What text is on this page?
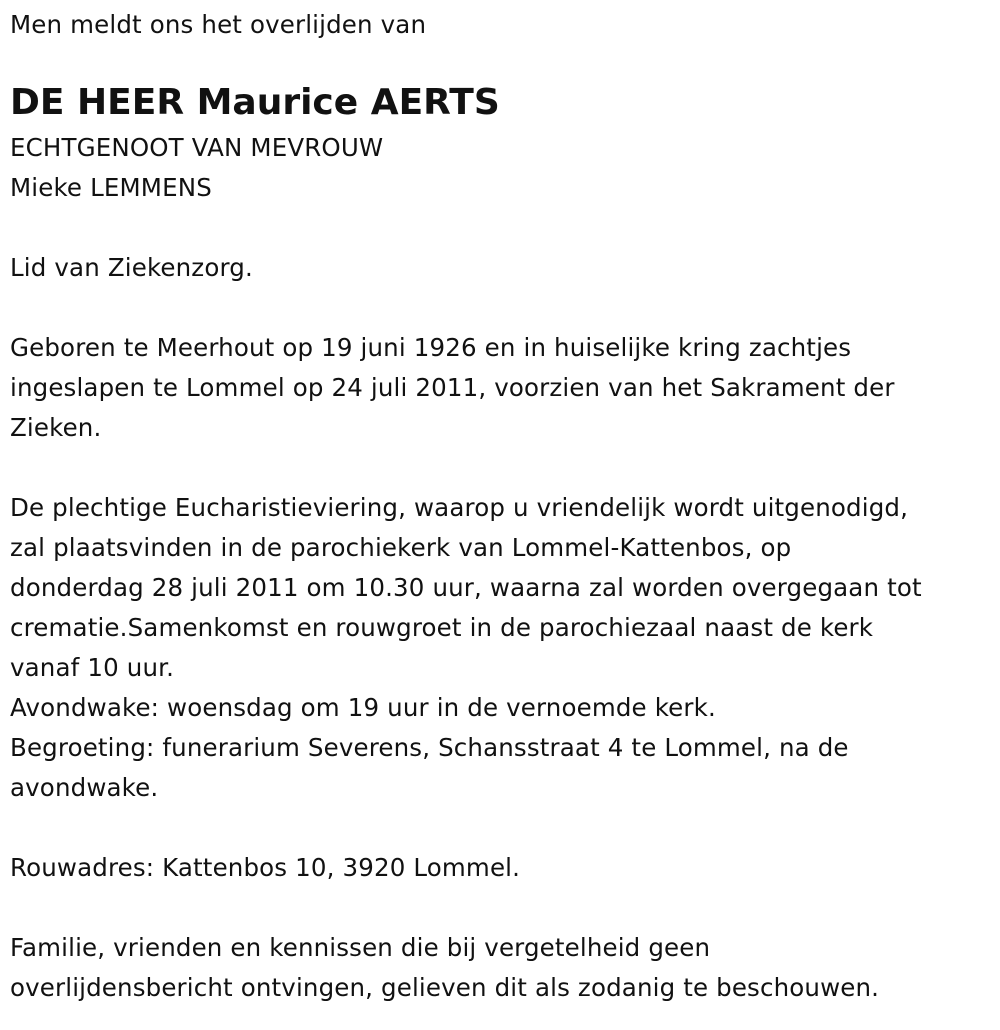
Men meldt ons het overlijden van
DE HEER Maurice AERTS
ECHTGENOOT VAN MEVROUW
Mieke LEMMENS
Lid van Ziekenzorg.
Geboren te Meerhout op 19 juni 1926 en in huiselijke kring zachtjes
ingeslapen te Lommel op 24 juli 2011, voorzien van het Sakrament der
Zieken.
De plechtige Eucharistieviering, waarop u vriendelijk wordt uitgenodigd,
zal plaatsvinden in de parochiekerk van Lommel-Kattenbos, op
donderdag 28 juli 2011 om 10.30 uur, waarna zal worden overgegaan tot
crematie.Samenkomst en rouwgroet in de parochiezaal naast de kerk
vanaf 10 uur.
Avondwake: woensdag om 19 uur in de vernoemde kerk.
Begroeting: funerarium Severens, Schansstraat 4 te Lommel, na de
avondwake.
Rouwadres: Kattenbos 10, 3920 Lommel.
Familie, vrienden en kennissen die bij vergetelheid geen
overlijdensbericht ontvingen, gelieven dit als zodanig te beschouwen.
